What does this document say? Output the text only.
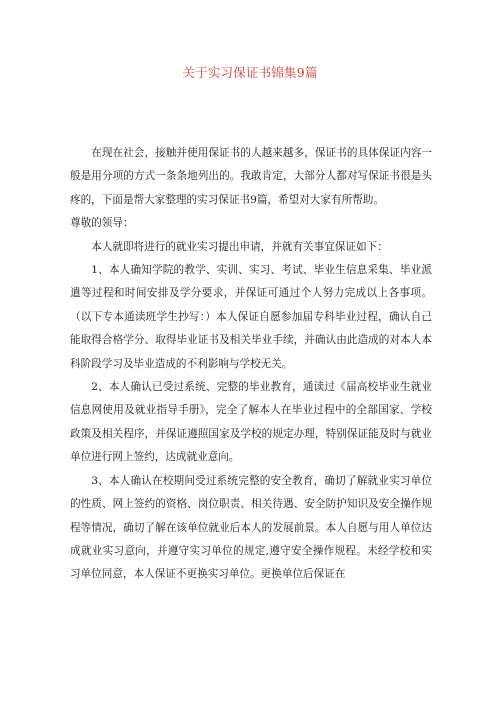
关于实习保证书锦集9篇

在现在社会，接触并使用保证书的人越来越多，保证书的具体保证内容一般是用分项的方式一条条地列出的。我敢肯定，大部分人都对写保证书很是头疼的，下面是帮大家整理的实习保证书9篇，希望对大家有所帮助。

尊敬的领导：

本人就即将进行的就业实习提出申请，并就有关事宜保证如下：

1、本人确知学院的教学、实训、实习、考试、毕业生信息采集、毕业派遣等过程和时间安排及学分要求，并保证可通过个人努力完成以上各事项。（以下专本通读班学生抄写：）本人保证自愿参加届专科毕业过程，确认自己能取得合格学分、取得毕业证书及相关毕业手续，并确认由此造成的对本人本科阶段学习及毕业造成的不利影响与学校无关。

2、本人确认已受过系统、完整的毕业教育，通读过《届高校毕业生就业信息网使用及就业指导手册》，完全了解本人在毕业过程中的全部国家、学校政策及相关程序，并保证遵照国家及学校的规定办理，特别保证能及时与就业单位进行网上签约，达成就业意向。

3、本人确认在校期间受过系统完整的安全教育，确切了解就业实习单位的性质、网上签约的资格、岗位职责、相关待遇、安全防护知识及安全操作规程等情况，确切了解在该单位就业后本人的发展前景。本人自愿与用人单位达成就业实习意向，并遵守实习单位的规定,遵守安全操作规程。未经学校和实习单位同意，本人保证不更换实习单位。更换单位后保证在
